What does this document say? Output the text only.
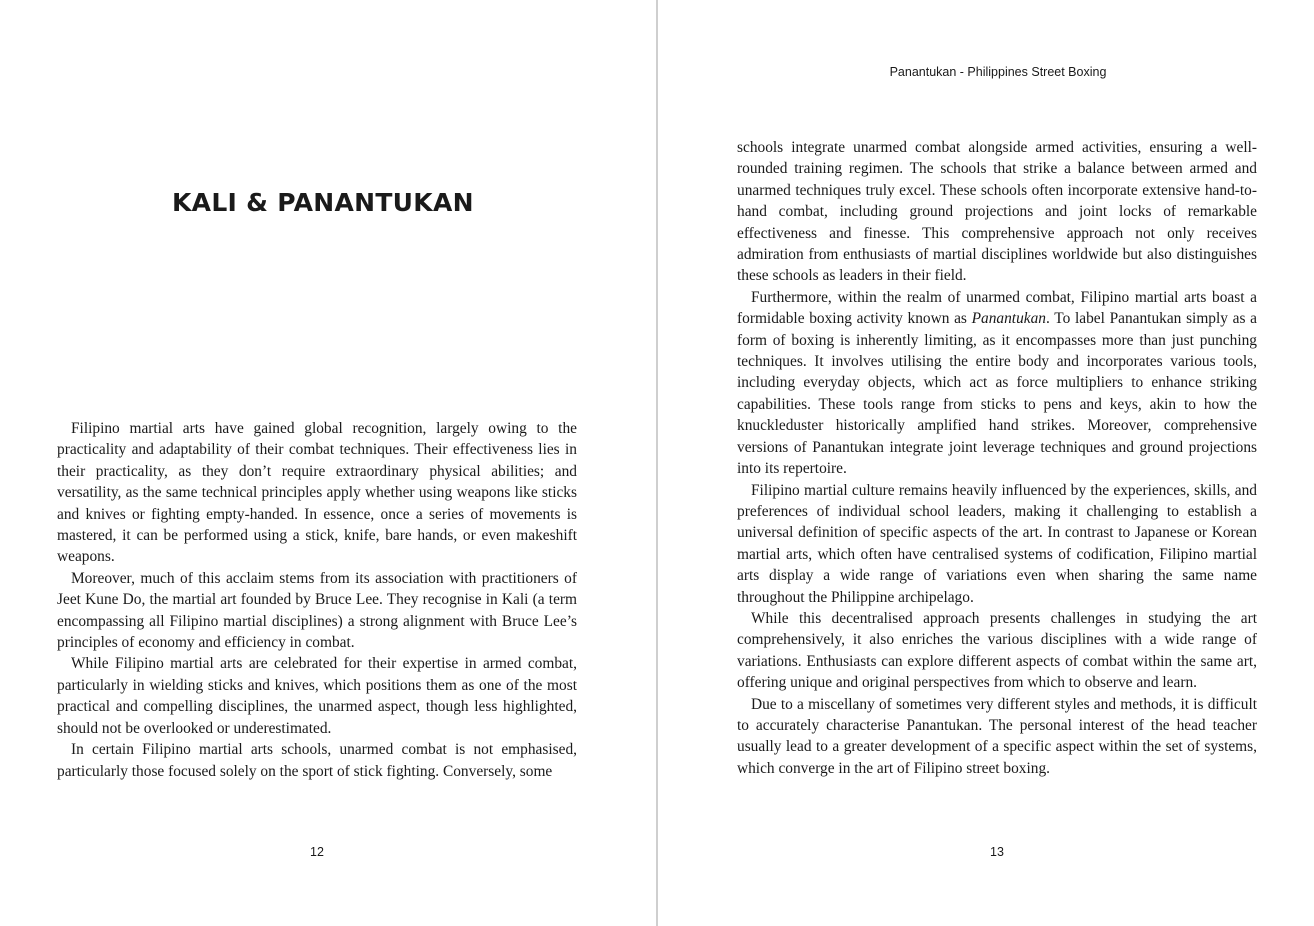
KALI & PANANTUKAN

Filipino martial arts have gained global recognition, largely owing to the practicality and adaptability of their combat techniques. Their effectiveness lies in their practicality, as they don’t require extraordinary physical abilities; and versatility, as the same technical principles apply whether using weapons like sticks and knives or fighting empty-handed. In essence, once a series of movements is mastered, it can be performed using a stick, knife, bare hands, or even makeshift weapons.

Moreover, much of this acclaim stems from its association with practitioners of Jeet Kune Do, the martial art founded by Bruce Lee. They recognise in Kali (a term encompassing all Filipino martial disciplines) a strong alignment with Bruce Lee’s principles of economy and efficiency in combat.

While Filipino martial arts are celebrated for their expertise in armed combat, particularly in wielding sticks and knives, which positions them as one of the most practical and compelling disciplines, the unarmed aspect, though less highlighted, should not be overlooked or underestimated.

In certain Filipino martial arts schools, unarmed combat is not emphasised, particularly those focused solely on the sport of stick fighting. Conversely, some

12
Panantukan - Philippines Street Boxing

schools integrate unarmed combat alongside armed activities, ensuring a well-rounded training regimen. The schools that strike a balance between armed and unarmed techniques truly excel. These schools often incorporate extensive hand-to-hand combat, including ground projections and joint locks of remarkable effectiveness and finesse. This comprehensive approach not only receives admiration from enthusiasts of martial disciplines worldwide but also distinguishes these schools as leaders in their field.

Furthermore, within the realm of unarmed combat, Filipino martial arts boast a formidable boxing activity known as Panantukan. To label Panantukan simply as a form of boxing is inherently limiting, as it encompasses more than just punching techniques. It involves utilising the entire body and incorporates various tools, including everyday objects, which act as force multipliers to enhance striking capabilities. These tools range from sticks to pens and keys, akin to how the knuckleduster historically amplified hand strikes. Moreover, comprehensive versions of Panantukan integrate joint leverage techniques and ground projections into its repertoire.

Filipino martial culture remains heavily influenced by the experiences, skills, and preferences of individual school leaders, making it challenging to establish a universal definition of specific aspects of the art. In contrast to Japanese or Korean martial arts, which often have centralised systems of codification, Filipino martial arts display a wide range of variations even when sharing the same name throughout the Philippine archipelago.

While this decentralised approach presents challenges in studying the art comprehensively, it also enriches the various disciplines with a wide range of variations. Enthusiasts can explore different aspects of combat within the same art, offering unique and original perspectives from which to observe and learn.

Due to a miscellany of sometimes very different styles and methods, it is difficult to accurately characterise Panantukan. The personal interest of the head teacher usually lead to a greater development of a specific aspect within the set of systems, which converge in the art of Filipino street boxing.

13
